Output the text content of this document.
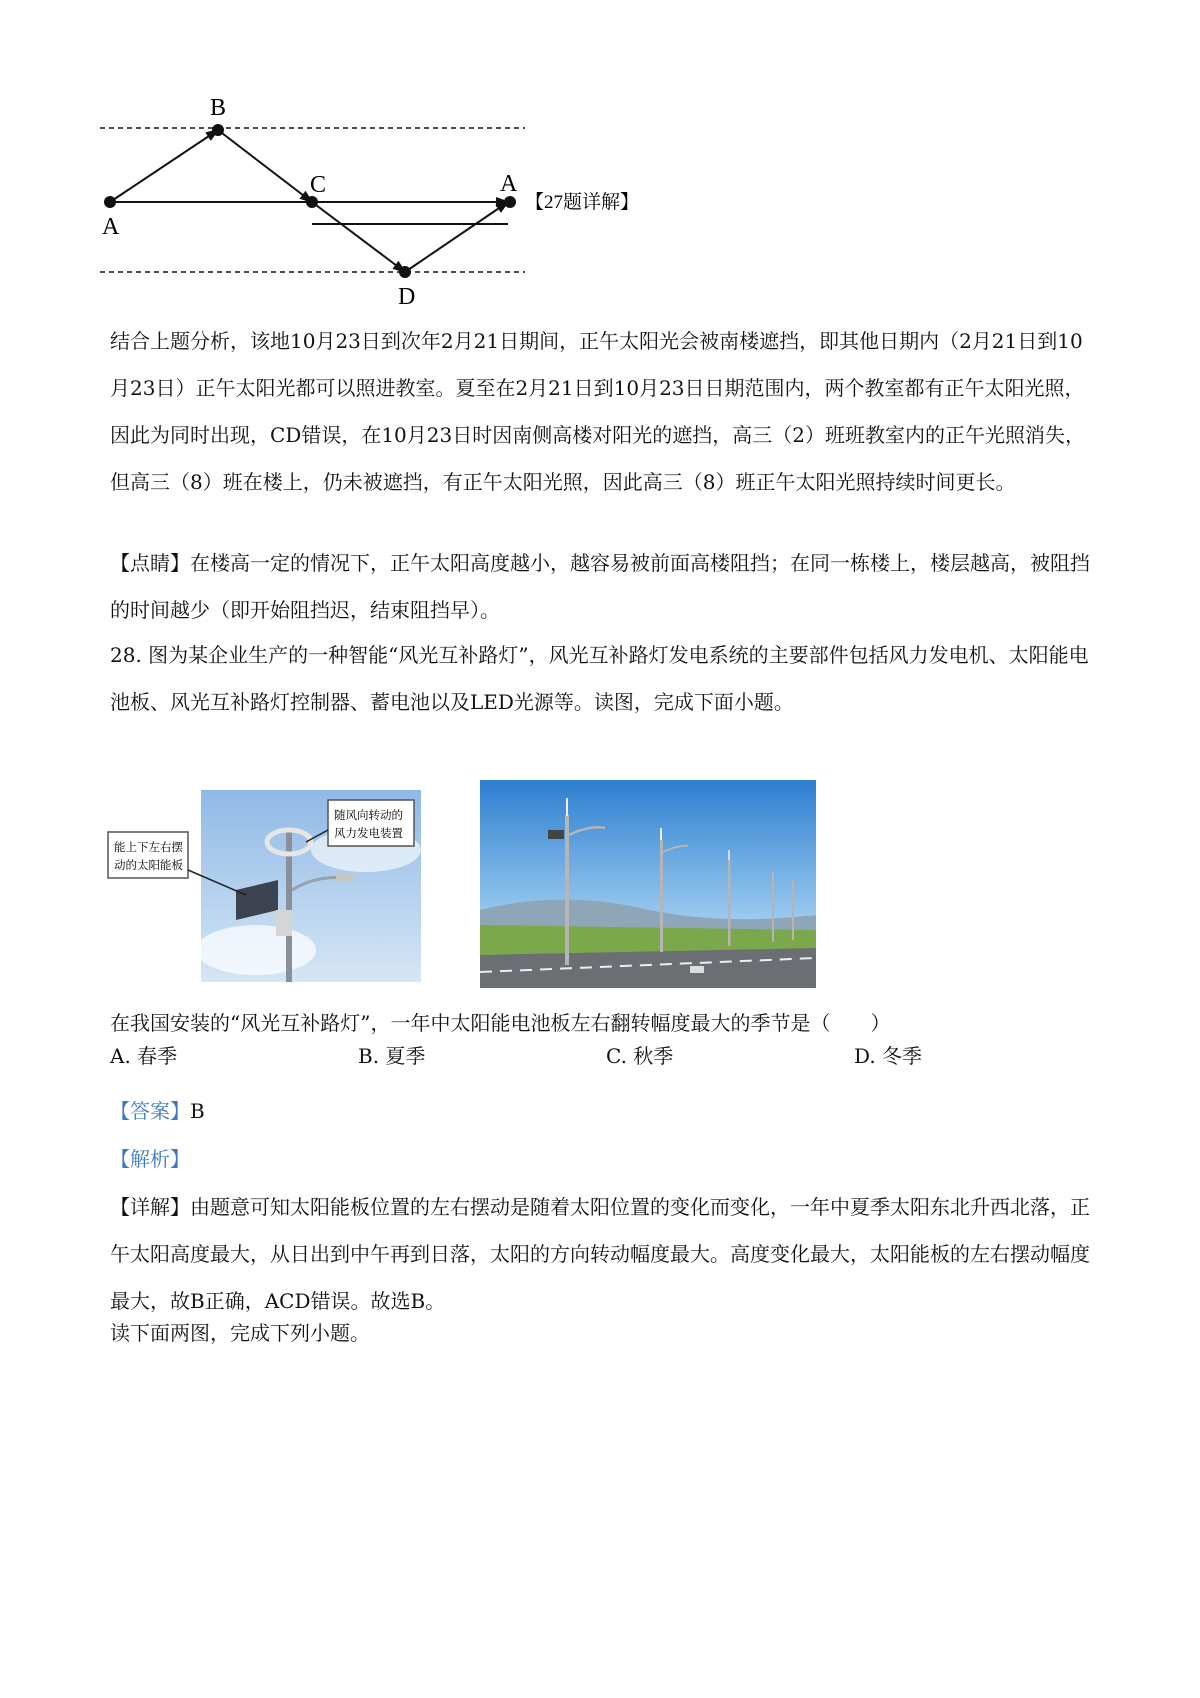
B
C
A
A
D
【27题详解】

结合上题分析，该地10月23日到次年2月21日期间，正午太阳光会被南楼遮挡，即其他日期内（2月21日到10月23日）正午太阳光都可以照进教室。夏至在2月21日到10月23日日期范围内，两个教室都有正午太阳光照，因此为同时出现，CD错误，在10月23日时因南侧高楼对阳光的遮挡，高三（2）班班教室内的正午光照消失，但高三（8）班在楼上，仍未被遮挡，有正午太阳光照，因此高三（8）班正午太阳光照持续时间更长。

【点睛】在楼高一定的情况下，正午太阳高度越小，越容易被前面高楼阻挡；在同一栋楼上，楼层越高，被阻挡的时间越少（即开始阻挡迟，结束阻挡早）。

28. 图为某企业生产的一种智能“风光互补路灯”，风光互补路灯发电系统的主要部件包括风力发电机、太阳能电池板、风光互补路灯控制器、蓄电池以及LED光源等。读图，完成下面小题。

能上下左右摆
动的太阳能板
随风向转动的
风力发电装置

在我国安装的“风光互补路灯”，一年中太阳能电池板左右翻转幅度最大的季节是（　　）

A. 春季	B. 夏季	C. 秋季	D. 冬季

【答案】B

【解析】

【详解】由题意可知太阳能板位置的左右摆动是随着太阳位置的变化而变化，一年中夏季太阳东北升西北落，正午太阳高度最大，从日出到中午再到日落，太阳的方向转动幅度最大。高度变化最大，太阳能板的左右摆动幅度最大，故B正确，ACD错误。故选B。

读下面两图，完成下列小题。
